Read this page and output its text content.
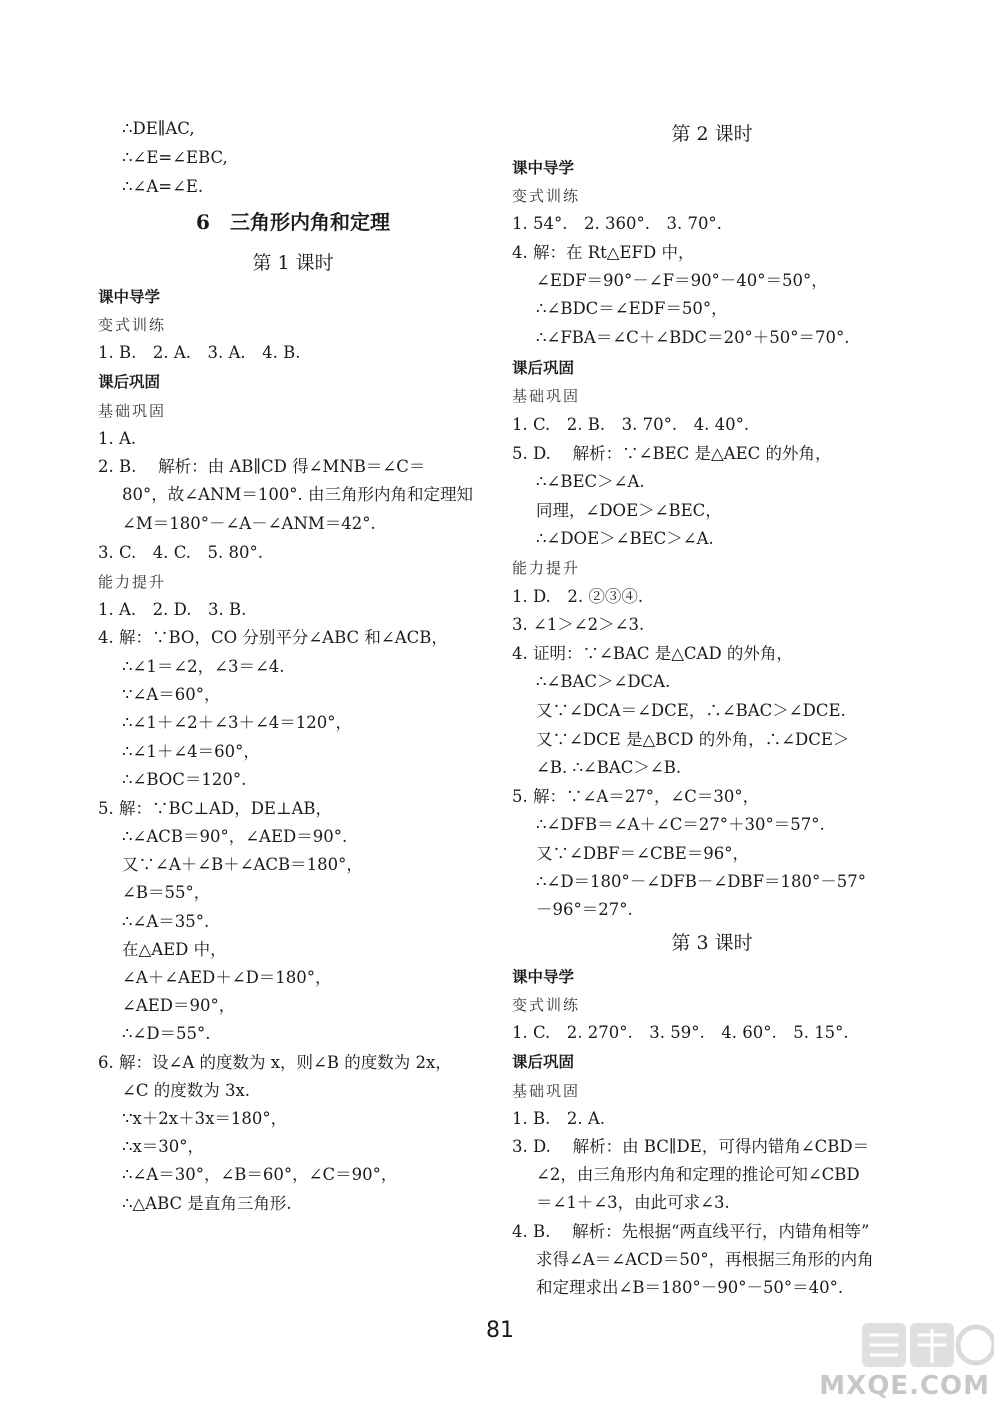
∴DE∥AC,
∴∠E=∠EBC,
∴∠A=∠E.
6　三角形内角和定理
第 1 课时
课中导学
变式训练
1. B.　2. A.　3. A.　4. B.
课后巩固
基础巩固
1. A.
2. B.　 解析：由 AB∥CD 得∠MNB＝∠C＝
80°，故∠ANM＝100°. 由三角形内角和定理知
∠M＝180°－∠A－∠ANM＝42°.
3. C.　4. C.　5. 80°.
能力提升
1. A.　2. D.　3. B.
4. 解：∵BO，CO 分别平分∠ABC 和∠ACB，
∴∠1＝∠2，∠3＝∠4.
∵∠A＝60°，
∴∠1＋∠2＋∠3＋∠4＝120°，
∴∠1＋∠4＝60°，
∴∠BOC＝120°.
5. 解：∵BC⊥AD，DE⊥AB，
∴∠ACB＝90°，∠AED＝90°.
又∵∠A＋∠B＋∠ACB＝180°，
∠B＝55°，
∴∠A＝35°.
在△AED 中，
∠A＋∠AED＋∠D＝180°，
∠AED＝90°，
∴∠D＝55°.
6. 解：设∠A 的度数为 x，则∠B 的度数为 2x，
∠C 的度数为 3x.
∵x＋2x＋3x＝180°，
∴x＝30°，
∴∠A＝30°，∠B＝60°，∠C＝90°，
∴△ABC 是直角三角形.
第 2 课时
课中导学
变式训练
1. 54°.　2. 360°.　3. 70°.
4. 解：在 Rt△EFD 中，
∠EDF＝90°－∠F＝90°－40°＝50°，
∴∠BDC＝∠EDF＝50°，
∴∠FBA＝∠C＋∠BDC＝20°＋50°＝70°.
课后巩固
基础巩固
1. C.　2. B.　3. 70°.　4. 40°.
5. D.　 解析：∵∠BEC 是△AEC 的外角，
∴∠BEC＞∠A.
同理，∠DOE＞∠BEC，
∴∠DOE＞∠BEC＞∠A.
能力提升
1. D.　2. ②③④.
3. ∠1＞∠2＞∠3.
4. 证明：∵∠BAC 是△CAD 的外角，
∴∠BAC＞∠DCA.
又∵∠DCA＝∠DCE，∴∠BAC＞∠DCE.
又∵∠DCE 是△BCD 的外角，∴∠DCE＞
∠B. ∴∠BAC＞∠B.
5. 解：∵∠A＝27°，∠C＝30°，
∴∠DFB＝∠A＋∠C＝27°＋30°＝57°.
又∵∠DBF＝∠CBE＝96°，
∴∠D＝180°－∠DFB－∠DBF＝180°－57°
－96°＝27°.
第 3 课时
课中导学
变式训练
1. C.　2. 270°.　3. 59°.　4. 60°.　5. 15°.
课后巩固
基础巩固
1. B.　2. A.
3. D.　 解析：由 BC∥DE，可得内错角∠CBD＝
∠2，由三角形内角和定理的推论可知∠CBD
＝∠1＋∠3，由此可求∠3.
4. B.　 解析：先根据“两直线平行，内错角相等”
求得∠A＝∠ACD＝50°，再根据三角形的内角
和定理求出∠B＝180°－90°－50°＝40°.
81
MXQE.COM
